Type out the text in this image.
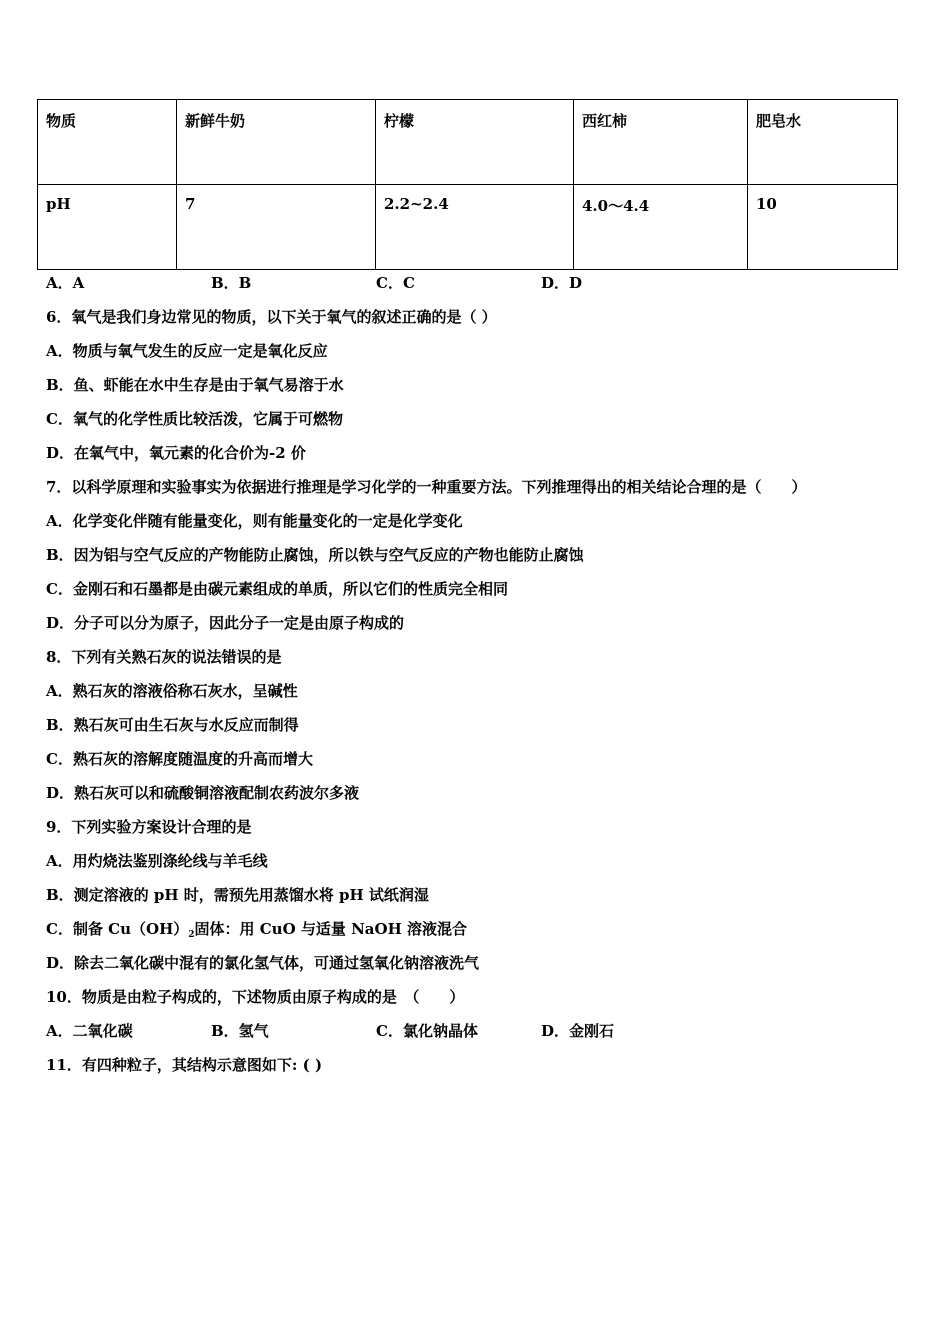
物质	新鲜牛奶	柠檬	西红柿	肥皂水
pH	7	2.2~2.4	4.0～4.4	10
A．A	B．B	C．C	D．D
6．氧气是我们身边常见的物质，以下关于氧气的叙述正确的是（ ）
A．物质与氧气发生的反应一定是氧化反应
B．鱼、虾能在水中生存是由于氧气易溶于水
C．氧气的化学性质比较活泼，它属于可燃物
D．在氧气中，氧元素的化合价为-2 价
7．以科学原理和实验事实为依据进行推理是学习化学的一种重要方法。下列推理得出的相关结论合理的是（　　）
A．化学变化伴随有能量变化，则有能量变化的一定是化学变化
B．因为铝与空气反应的产物能防止腐蚀，所以铁与空气反应的产物也能防止腐蚀
C．金刚石和石墨都是由碳元素组成的单质，所以它们的性质完全相同
D．分子可以分为原子，因此分子一定是由原子构成的
8．下列有关熟石灰的说法错误的是
A．熟石灰的溶液俗称石灰水，呈碱性
B．熟石灰可由生石灰与水反应而制得
C．熟石灰的溶解度随温度的升高而增大
D．熟石灰可以和硫酸铜溶液配制农药波尔多液
9．下列实验方案设计合理的是
A．用灼烧法鉴别涤纶线与羊毛线
B．测定溶液的 pH 时，需预先用蒸馏水将 pH 试纸润湿
C．制备 $Cu(OH)_2$固体：用 CuO 与适量 NaOH 溶液混合
D．除去二氧化碳中混有的氯化氢气体，可通过氢氧化钠溶液洗气
10．物质是由粒子构成的，下述物质由原子构成的是　（　　）
A．二氧化碳	B．氢气	C．氯化钠晶体	D．金刚石
11．有四种粒子，其结构示意图如下: ( )
